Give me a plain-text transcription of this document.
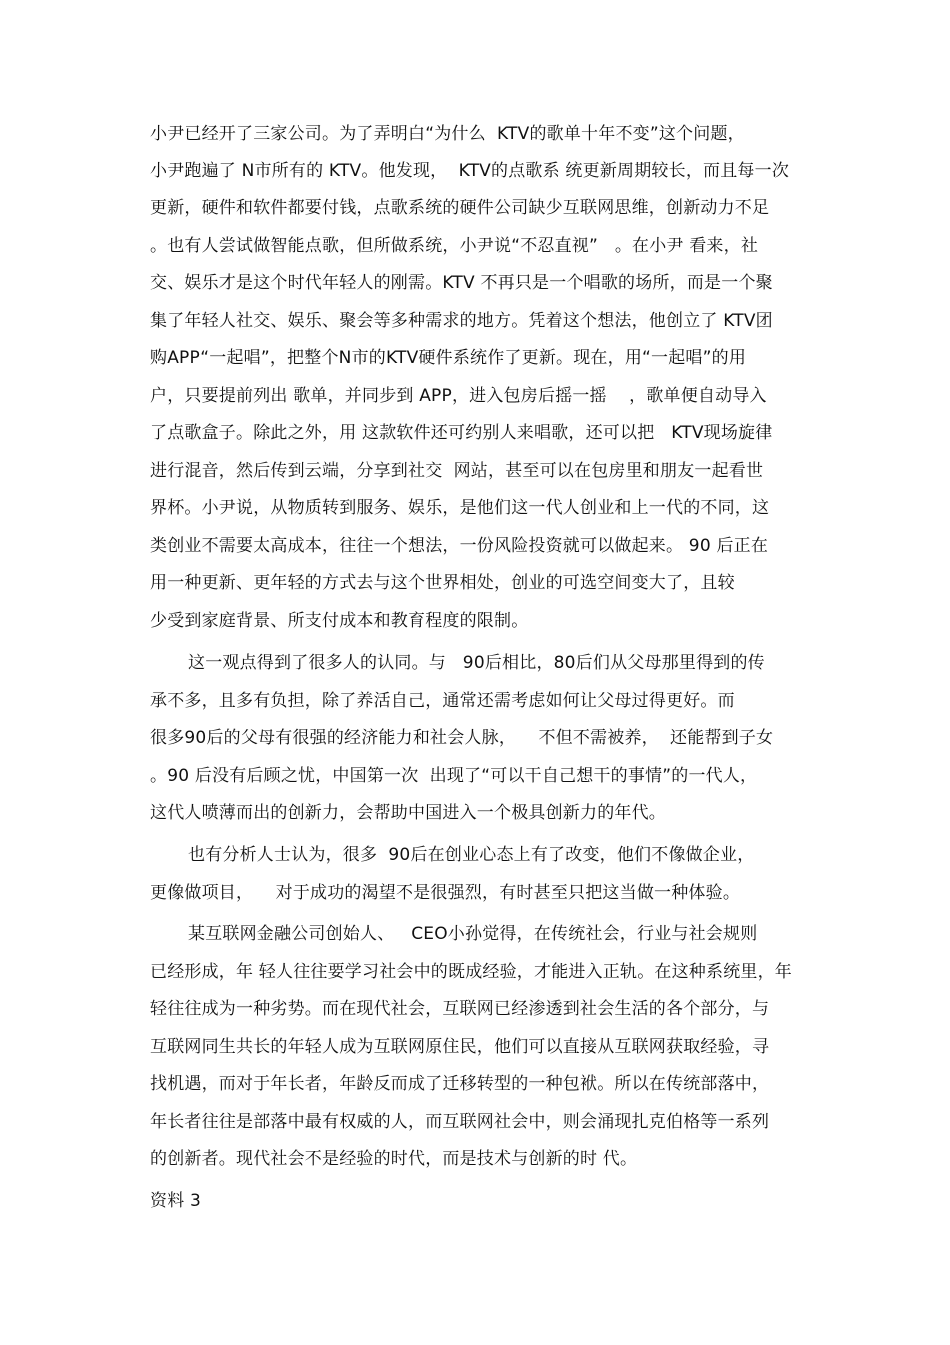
小尹已经开了三家公司。为了弄明白“为什么  KTV的歌单十年不变”这个问题，
小尹跑遍了 N市所有的 KTV。他发现，  KTV的点歌系 统更新周期较长，而且每一次
更新，硬件和软件都要付钱，点歌系统的硬件公司缺少互联网思维，创新动力不足
。也有人尝试做智能点歌，但所做系统，小尹说“不忍直视”   。在小尹 看来，社
交、娱乐才是这个时代年轻人的刚需。KTV 不再只是一个唱歌的场所，而是一个聚
集了年轻人社交、娱乐、聚会等多种需求的地方。凭着这个想法，他创立了 KTV团
购APP“一起唱”，把整个N市的KTV硬件系统作了更新。现在，用“一起唱”的用
户，只要提前列出 歌单，并同步到 APP，进入包房后摇一摇    ，歌单便自动导入
了点歌盒子。除此之外，用 这款软件还可约别人来唱歌，还可以把   KTV现场旋律
进行混音，然后传到云端，分享到社交  网站，甚至可以在包房里和朋友一起看世
界杯。小尹说，从物质转到服务、娱乐，是他们这一代人创业和上一代的不同，这
类创业不需要太高成本，往往一个想法，一份风险投资就可以做起来。 90 后正在
用一种更新、更年轻的方式去与这个世界相处，创业的可选空间变大了，且较
少受到家庭背景、所支付成本和教育程度的限制。
这一观点得到了很多人的认同。与   90后相比，80后们从父母那里得到的传
承不多，且多有负担，除了养活自己，通常还需考虑如何让父母过得更好。而
很多90后的父母有很强的经济能力和社会人脉，    不但不需被养，  还能帮到子女
。90 后没有后顾之忧，中国第一次  出现了“可以干自己想干的事情”的一代人，
这代人喷薄而出的创新力，会帮助中国进入一个极具创新力的年代。
也有分析人士认为，很多  90后在创业心态上有了改变，他们不像做企业，
更像做项目，    对于成功的渴望不是很强烈，有时甚至只把这当做一种体验。
某互联网金融公司创始人、   CEO小孙觉得，在传统社会，行业与社会规则
已经形成，年 轻人往往要学习社会中的既成经验，才能进入正轨。在这种系统里，年
轻往往成为一种劣势。而在现代社会，互联网已经渗透到社会生活的各个部分，与
互联网同生共长的年轻人成为互联网原住民，他们可以直接从互联网获取经验，寻
找机遇，而对于年长者，年龄反而成了迁移转型的一种包袱。所以在传统部落中，
年长者往往是部落中最有权威的人，而互联网社会中，则会涌现扎克伯格等一系列
的创新者。现代社会不是经验的时代，而是技术与创新的时 代。
资料 3
